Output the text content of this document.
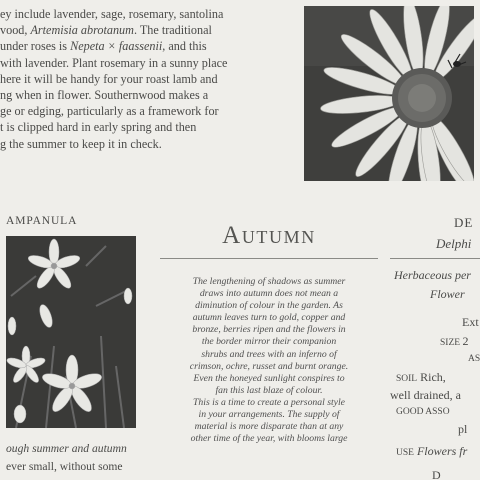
ey include lavender, sage, rosemary, santolina
vood, Artemisia abrotanum. The traditional
under roses is Nepeta × faassenii, and this
with lavender. Plant rosemary in a sunny place
here it will be handy for your roast lamb and
ng when in flower. Southernwood makes a
ge or edging, particularly as a framework for
t is clipped hard in early spring and then
g the summer to keep it in check.
AMPANULA
ough summer and autumn
ever small, without some
Autumn
The lengthening of shadows as summer
draws into autumn does not mean a
diminution of colour in the garden. As
autumn leaves turn to gold, copper and
bronze, berries ripen and the flowers in
the border mirror their companion
shrubs and trees with an inferno of
crimson, ochre, russet and burnt orange.
Even the honeyed sunlight conspires to
fan this last blaze of colour.
This is a time to create a personal style
in your arrangements. The supply of
material is more disparate than at any
other time of the year, with blooms large
DE
Delphi
Herbaceous per
Flower
Ext
SIZE 2
AS
SOIL Rich,
well drained, a
GOOD ASSO
pl
USE Flowers fr
D
